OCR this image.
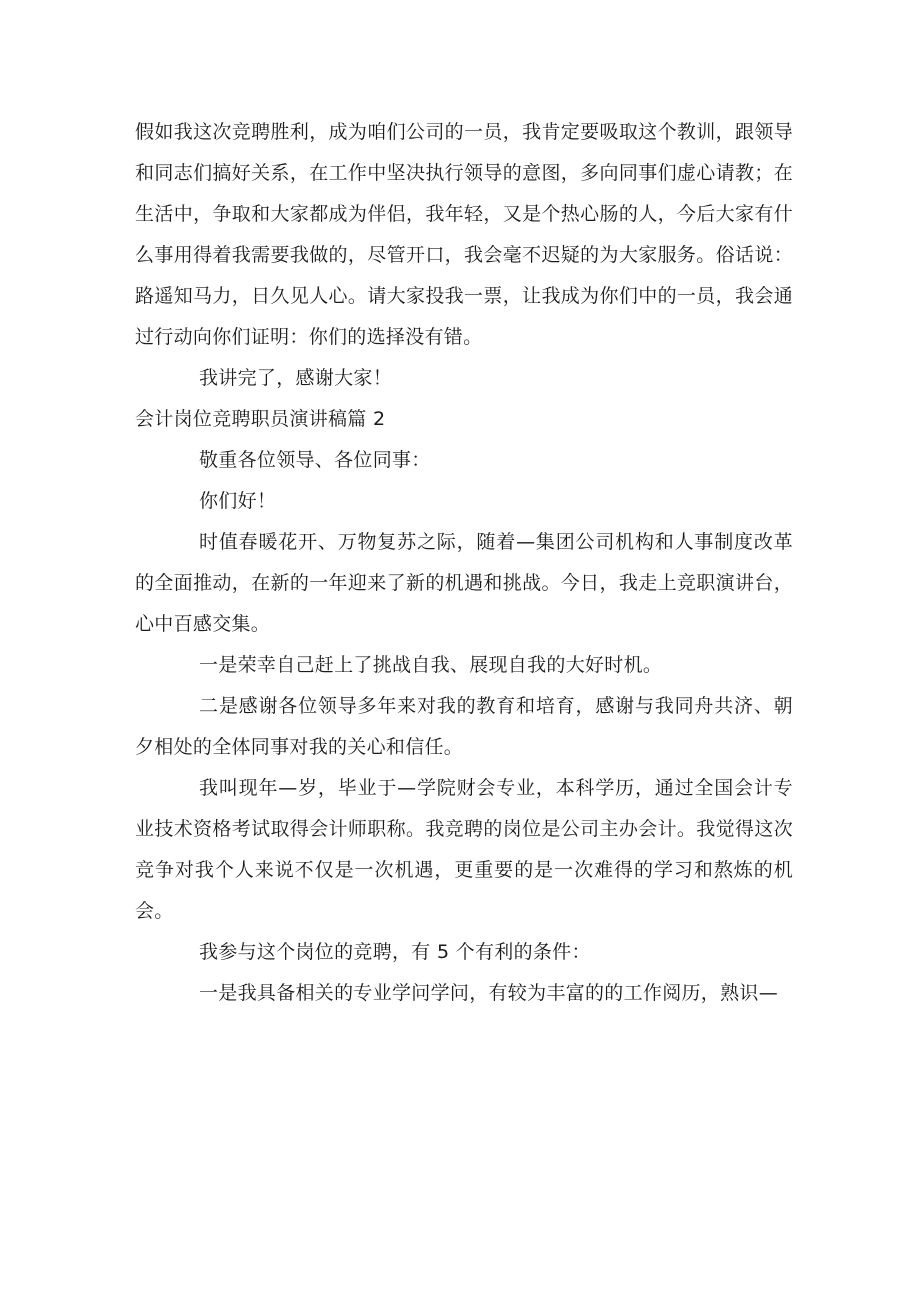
假如我这次竞聘胜利，成为咱们公司的一员，我肯定要吸取这个教训，跟领导和同志们搞好关系，在工作中坚决执行领导的意图，多向同事们虚心请教；在生活中，争取和大家都成为伴侣，我年轻，又是个热心肠的人，今后大家有什么事用得着我需要我做的，尽管开口，我会毫不迟疑的为大家服务。俗话说：路遥知马力，日久见人心。请大家投我一票，让我成为你们中的一员，我会通过行动向你们证明：你们的选择没有错。

我讲完了，感谢大家！

会计岗位竞聘职员演讲稿篇 2

敬重各位领导、各位同事：

你们好！

时值春暖花开、万物复苏之际，随着—集团公司机构和人事制度改革的全面推动，在新的一年迎来了新的机遇和挑战。今日，我走上竞职演讲台，心中百感交集。

一是荣幸自己赶上了挑战自我、展现自我的大好时机。

二是感谢各位领导多年来对我的教育和培育，感谢与我同舟共济、朝夕相处的全体同事对我的关心和信任。

我叫现年—岁，毕业于—学院财会专业，本科学历，通过全国会计专业技术资格考试取得会计师职称。我竞聘的岗位是公司主办会计。我觉得这次竞争对我个人来说不仅是一次机遇，更重要的是一次难得的学习和熬炼的机会。

我参与这个岗位的竞聘，有 5 个有利的条件：

一是我具备相关的专业学问学问，有较为丰富的的工作阅历，熟识—
